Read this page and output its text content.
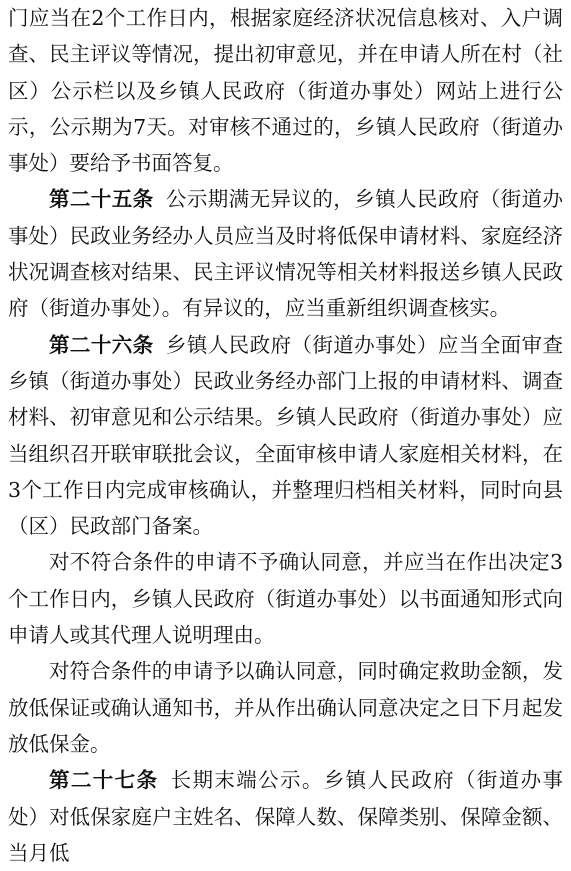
门应当在2个工作日内，根据家庭经济状况信息核对、入户调查、民主评议等情况，提出初审意见，并在申请人所在村（社区）公示栏以及乡镇人民政府（街道办事处）网站上进行公示，公示期为7天。对审核不通过的，乡镇人民政府（街道办事处）要给予书面答复。

第二十五条 公示期满无异议的，乡镇人民政府（街道办事处）民政业务经办人员应当及时将低保申请材料、家庭经济状况调查核对结果、民主评议情况等相关材料报送乡镇人民政府（街道办事处）。有异议的，应当重新组织调查核实。

第二十六条 乡镇人民政府（街道办事处）应当全面审查乡镇（街道办事处）民政业务经办部门上报的申请材料、调查材料、初审意见和公示结果。乡镇人民政府（街道办事处）应当组织召开联审联批会议，全面审核申请人家庭相关材料，在3个工作日内完成审核确认，并整理归档相关材料，同时向县（区）民政部门备案。

对不符合条件的申请不予确认同意，并应当在作出决定3个工作日内，乡镇人民政府（街道办事处）以书面通知形式向申请人或其代理人说明理由。

对符合条件的申请予以确认同意，同时确定救助金额，发放低保证或确认通知书，并从作出确认同意决定之日下月起发放低保金。

第二十七条 长期末端公示。乡镇人民政府（街道办事处）对低保家庭户主姓名、保障人数、保障类别、保障金额、当月低
